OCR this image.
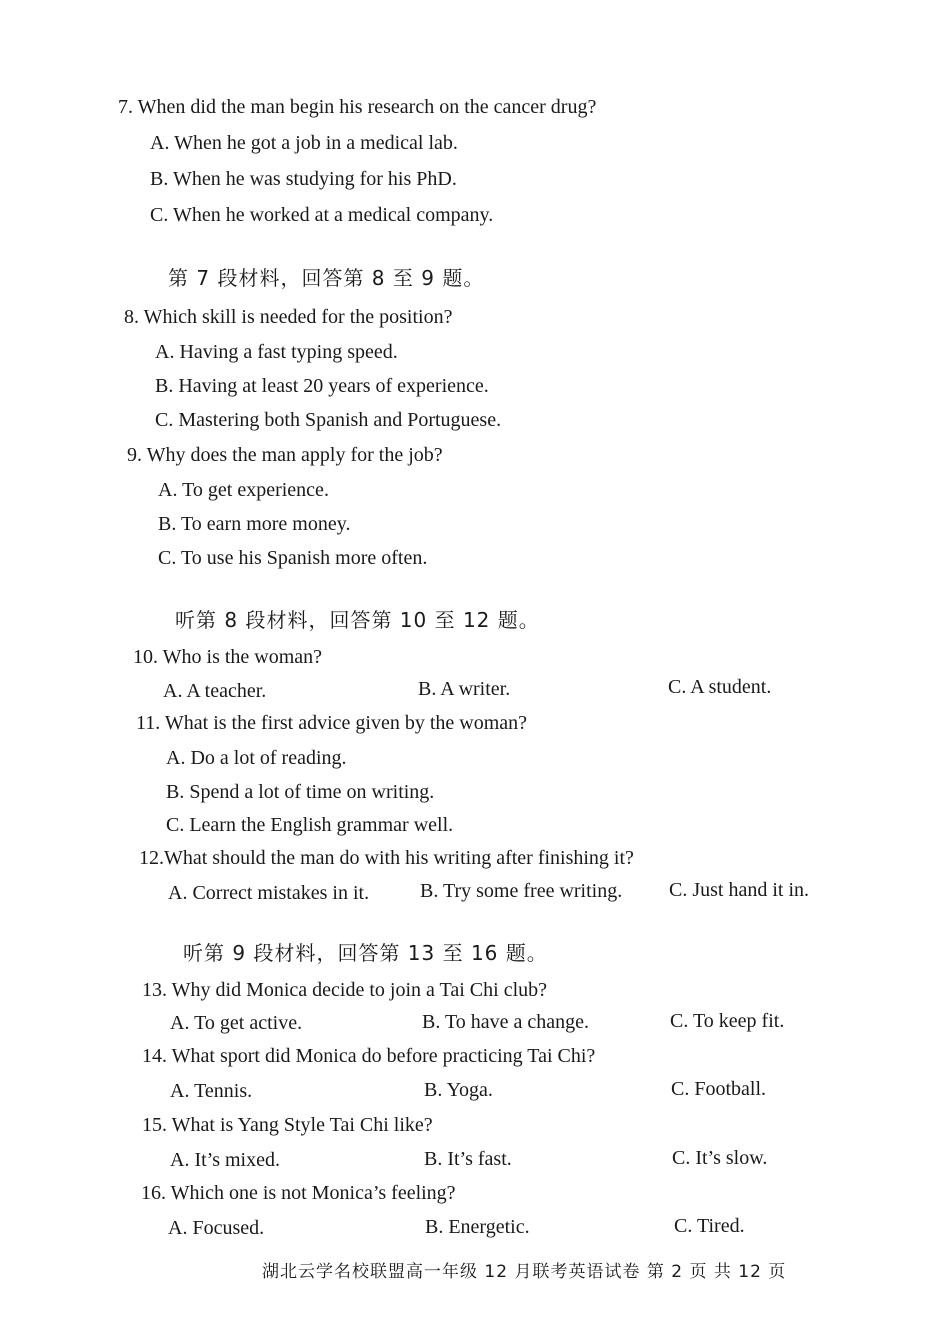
7. When did the man begin his research on the cancer drug?
A. When he got a job in a medical lab.
B. When he was studying for his PhD.
C. When he worked at a medical company.
第 7 段材料，回答第 8 至 9 题。
8. Which skill is needed for the position?
A. Having a fast typing speed.
B. Having at least 20 years of experience.
C. Mastering both Spanish and Portuguese.
9. Why does the man apply for the job?
A. To get experience.
B. To earn more money.
C. To use his Spanish more often.
听第 8 段材料，回答第 10 至 12 题。
10. Who is the woman?
A. A teacher.	B. A writer.	C. A student.
11. What is the first advice given by the woman?
A. Do a lot of reading.
B. Spend a lot of time on writing.
C. Learn the English grammar well.
12.What should the man do with his writing after finishing it?
A. Correct mistakes in it.	B. Try some free writing. C. Just hand it in.
听第 9 段材料，回答第 13 至 16 题。
13. Why did Monica decide to join a Tai Chi club?
A. To get active.	B. To have a change.	C. To keep fit.
14. What sport did Monica do before practicing Tai Chi?
A. Tennis.	B. Yoga.	C. Football.
15. What is Yang Style Tai Chi like?
A. It’s mixed.	B. It’s fast.	C. It’s slow.
16. Which one is not Monica’s feeling?
A. Focused.	B. Energetic.	C. Tired.
湖北云学名校联盟高一年级 12 月联考英语试卷 第 2 页 共 12 页
